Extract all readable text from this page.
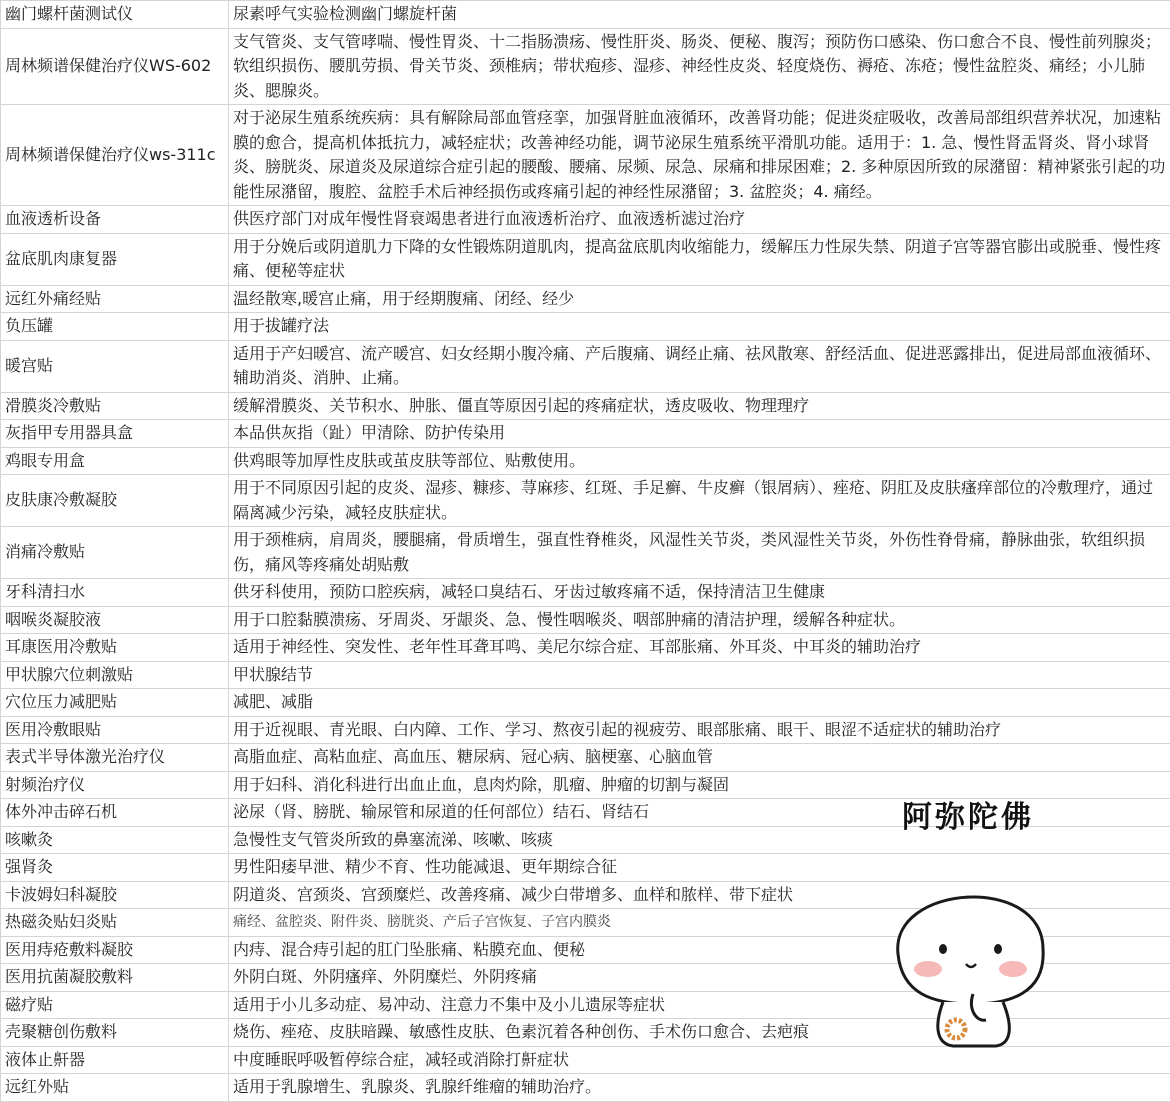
幽门螺杆菌测试仪	尿素呼气实验检测幽门螺旋杆菌
周林频谱保健治疗仪WS-602	支气管炎、支气管哮喘、慢性胃炎、十二指肠溃疡、慢性肝炎、肠炎、便秘、腹泻；预防伤口感染、伤口愈合不良、慢性前列腺炎；软组织损伤、腰肌劳损、骨关节炎、颈椎病；带状疱疹、湿疹、神经性皮炎、轻度烧伤、褥疮、冻疮；慢性盆腔炎、痛经；小儿肺炎、腮腺炎。
周林频谱保健治疗仪ws-311c	对于泌尿生殖系统疾病：具有解除局部血管痉挛，加强肾脏血液循环，改善肾功能；促进炎症吸收，改善局部组织营养状况，加速粘膜的愈合，提高机体抵抗力，减轻症状；改善神经功能，调节泌尿生殖系统平滑肌功能。适用于：1. 急、慢性肾盂肾炎、肾小球肾炎、膀胱炎、尿道炎及尿道综合症引起的腰酸、腰痛、尿频、尿急、尿痛和排尿困难；2. 多种原因所致的尿潴留：精神紧张引起的功能性尿潴留，腹腔、盆腔手术后神经损伤或疼痛引起的神经性尿潴留；3. 盆腔炎；4. 痛经。
血液透析设备	供医疗部门对成年慢性肾衰竭患者进行血液透析治疗、血液透析滤过治疗
盆底肌肉康复器	用于分娩后或阴道肌力下降的女性锻炼阴道肌肉，提高盆底肌肉收缩能力，缓解压力性尿失禁、阴道子宫等器官膨出或脱垂、慢性疼痛、便秘等症状
远红外痛经贴	温经散寒,暖宫止痛，用于经期腹痛、闭经、经少
负压罐	用于拔罐疗法
暖宫贴	适用于产妇暖宫、流产暖宫、妇女经期小腹冷痛、产后腹痛、调经止痛、祛风散寒、舒经活血、促进恶露排出，促进局部血液循环、辅助消炎、消肿、止痛。
滑膜炎冷敷贴	缓解滑膜炎、关节积水、肿胀、僵直等原因引起的疼痛症状，透皮吸收、物理理疗
灰指甲专用器具盒	本品供灰指（趾）甲清除、防护传染用
鸡眼专用盒	供鸡眼等加厚性皮肤或茧皮肤等部位、贴敷使用。
皮肤康冷敷凝胶	用于不同原因引起的皮炎、湿疹、糠疹、荨麻疹、红斑、手足癣、牛皮癣（银屑病）、痤疮、阴肛及皮肤瘙痒部位的冷敷理疗，通过隔离减少污染，减轻皮肤症状。
消痛冷敷贴	用于颈椎病，肩周炎，腰腿痛，骨质增生，强直性脊椎炎，风湿性关节炎，类风湿性关节炎，外伤性脊骨痛，静脉曲张，软组织损伤，痛风等疼痛处胡贴敷
牙科清扫水	供牙科使用，预防口腔疾病，减轻口臭结石、牙齿过敏疼痛不适，保持清洁卫生健康
咽喉炎凝胶液	用于口腔黏膜溃疡、牙周炎、牙龈炎、急、慢性咽喉炎、咽部肿痛的清洁护理，缓解各种症状。
耳康医用冷敷贴	适用于神经性、突发性、老年性耳聋耳鸣、美尼尔综合症、耳部胀痛、外耳炎、中耳炎的辅助治疗
甲状腺穴位刺激贴	甲状腺结节
穴位压力减肥贴	减肥、减脂
医用冷敷眼贴	用于近视眼、青光眼、白内障、工作、学习、熬夜引起的视疲劳、眼部胀痛、眼干、眼涩不适症状的辅助治疗
表式半导体激光治疗仪	高脂血症、高粘血症、高血压、糖尿病、冠心病、脑梗塞、心脑血管
射频治疗仪	用于妇科、消化科进行出血止血，息肉灼除，肌瘤、肿瘤的切割与凝固
体外冲击碎石机	泌尿（肾、膀胱、输尿管和尿道的任何部位）结石、肾结石
咳嗽灸	急慢性支气管炎所致的鼻塞流涕、咳嗽、咳痰
强肾灸	男性阳痿早泄、精少不育、性功能减退、更年期综合征
卡波姆妇科凝胶	阴道炎、宫颈炎、宫颈糜烂、改善疼痛、减少白带增多、血样和脓样、带下症状
热磁灸贴妇炎贴	痛经、盆腔炎、附件炎、膀胱炎、产后子宫恢复、子宫内膜炎
医用痔疮敷料凝胶	内痔、混合痔引起的肛门坠胀痛、粘膜充血、便秘
医用抗菌凝胶敷料	外阴白斑、外阴瘙痒、外阴糜烂、外阴疼痛
磁疗贴	适用于小儿多动症、易冲动、注意力不集中及小儿遗尿等症状
壳聚糖创伤敷料	烧伤、痤疮、皮肤暗躁、敏感性皮肤、色素沉着各种创伤、手术伤口愈合、去疤痕
液体止鼾器	中度睡眠呼吸暂停综合症，减轻或消除打鼾症状
远红外贴	适用于乳腺增生、乳腺炎、乳腺纤维瘤的辅助治疗。
阿弥陀佛
